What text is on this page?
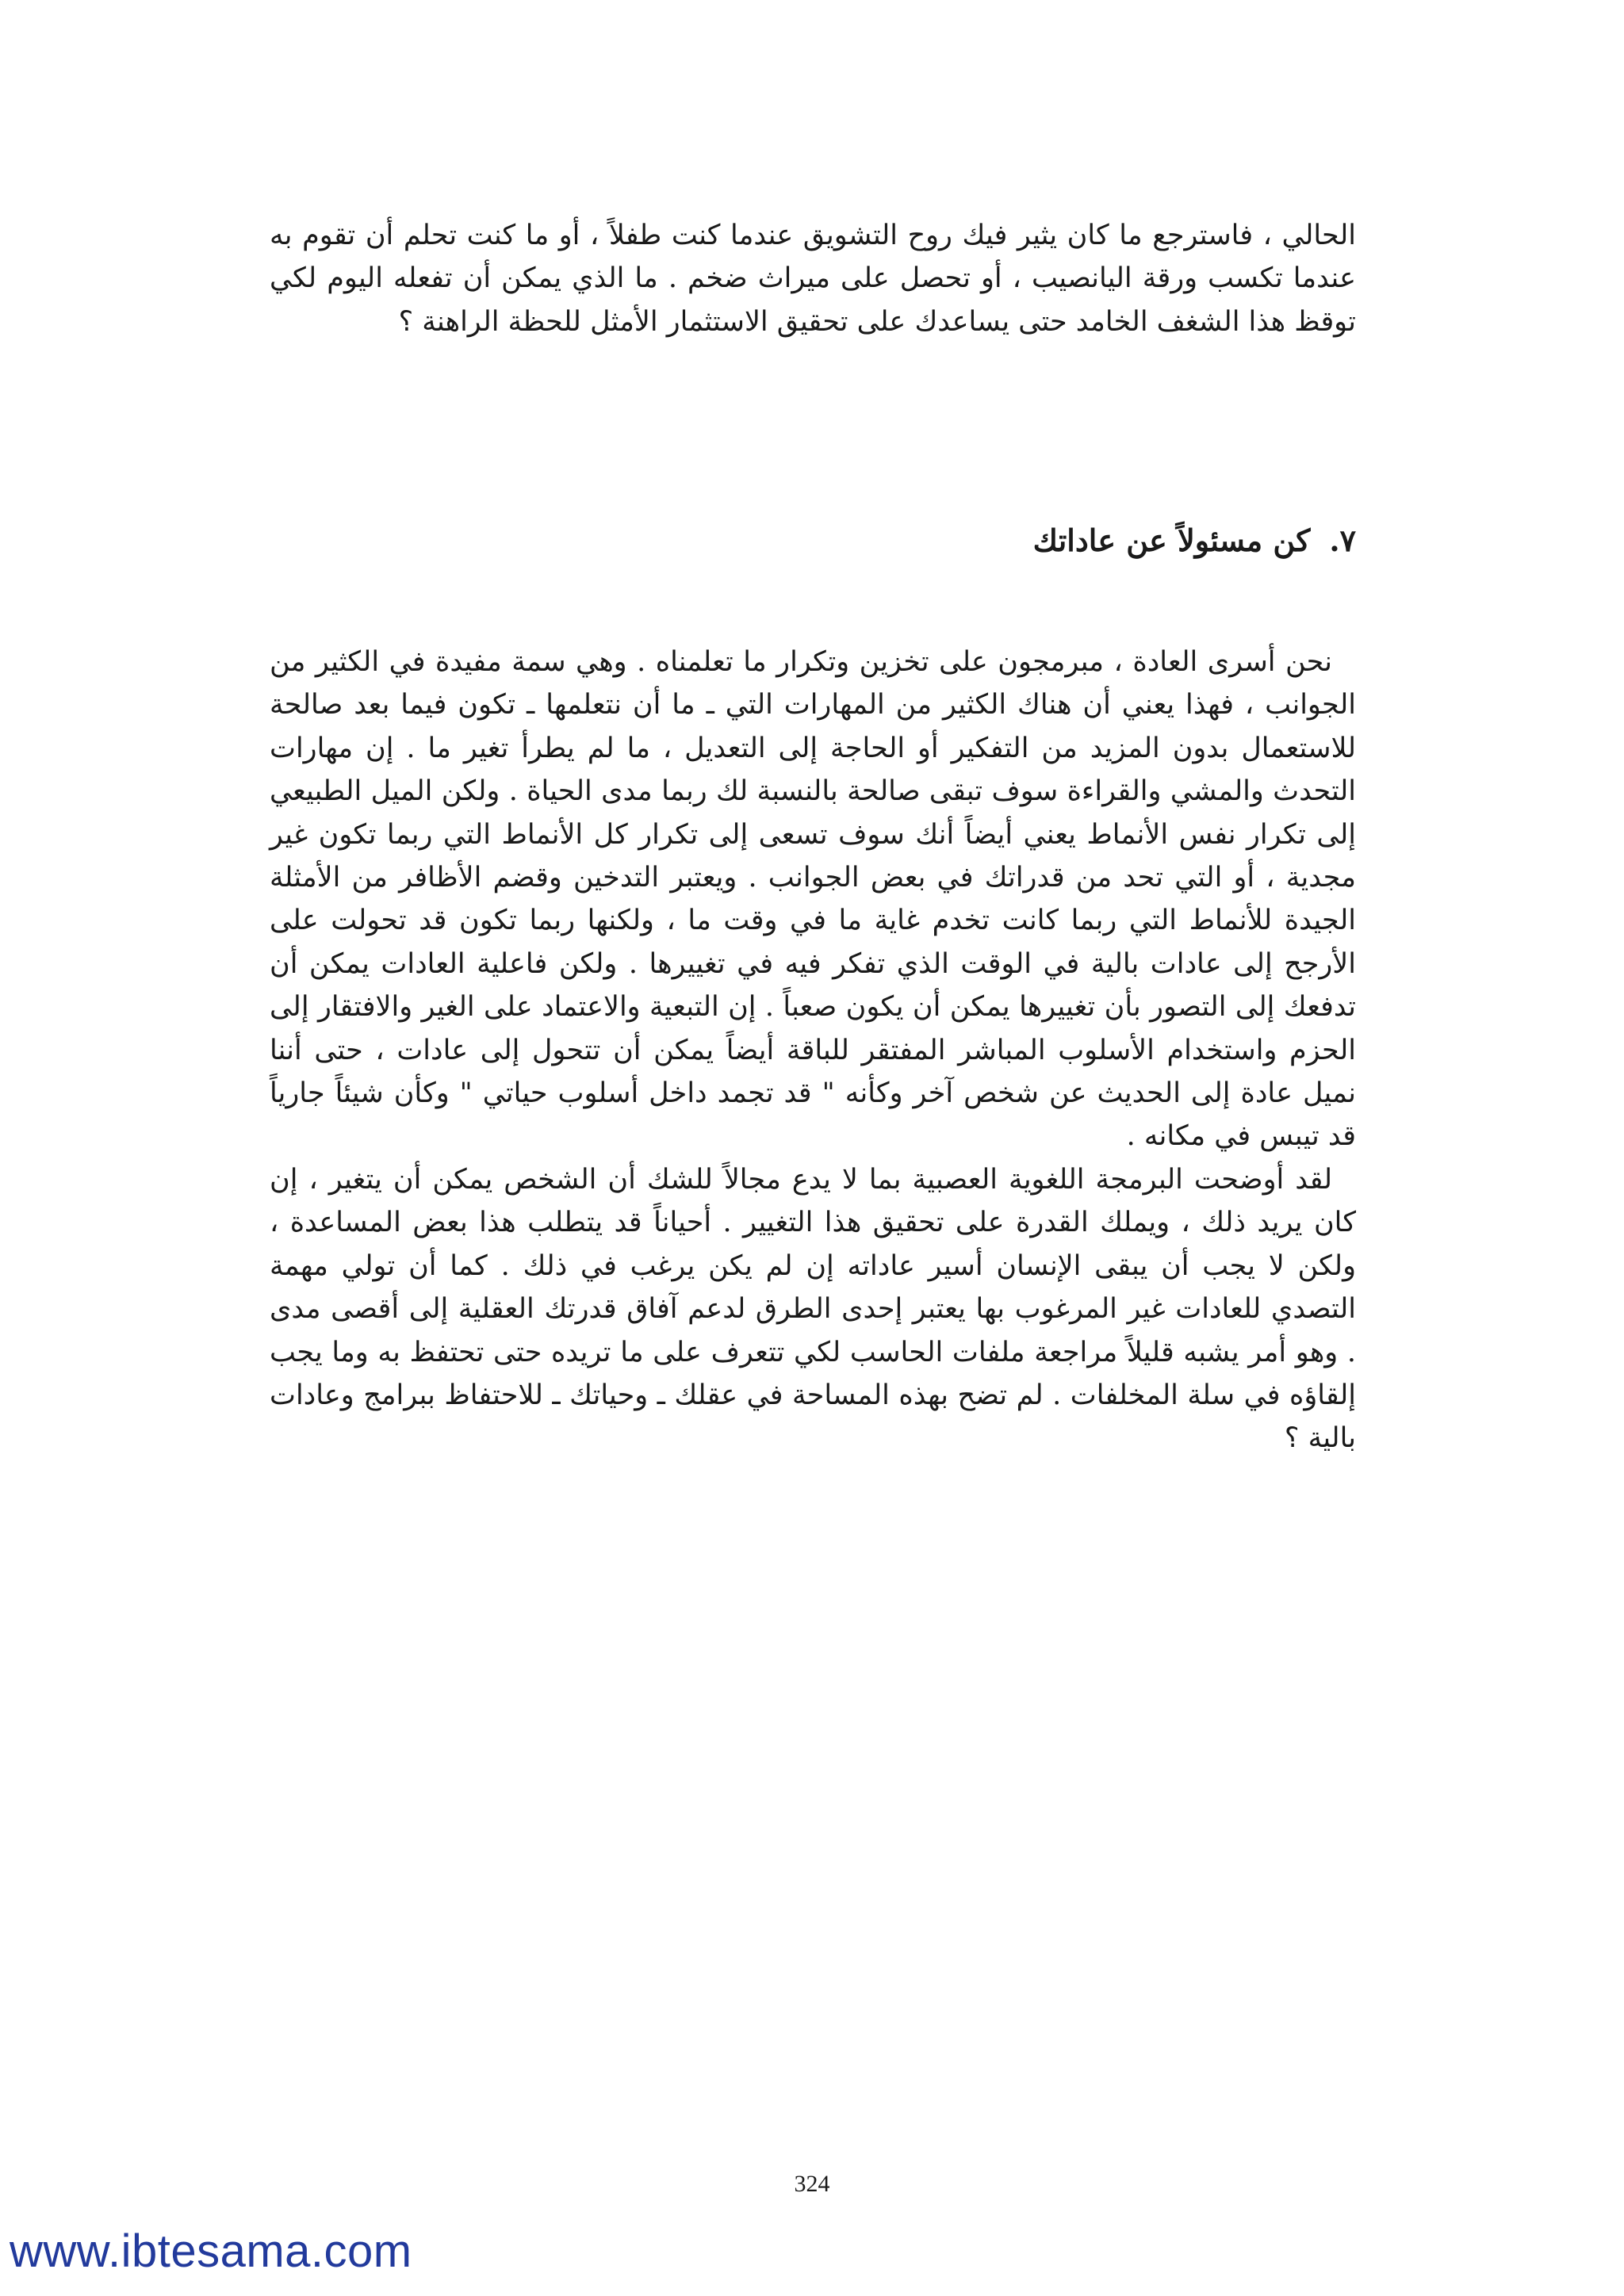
الحالي ، فاسترجع ما كان يثير فيك روح التشويق عندما كنت طفلاً ، أو ما كنت تحلم أن تقوم به عندما تكسب ورقة اليانصيب ، أو تحصل على ميراث ضخم . ما الذي يمكن أن تفعله اليوم لكي توقظ هذا الشغف الخامد حتى يساعدك على تحقيق الاستثمار الأمثل للحظة الراهنة ؟

٧.كن مسئولاً عن عاداتك

نحن أسرى العادة ، مبرمجون على تخزين وتكرار ما تعلمناه . وهي سمة مفيدة في الكثير من الجوانب ، فهذا يعني أن هناك الكثير من المهارات التي ـ ما أن نتعلمها ـ تكون فيما بعد صالحة للاستعمال بدون المزيد من التفكير أو الحاجة إلى التعديل ، ما لم يطرأ تغير ما . إن مهارات التحدث والمشي والقراءة سوف تبقى صالحة بالنسبة لك ربما مدى الحياة . ولكن الميل الطبيعي إلى تكرار نفس الأنماط يعني أيضاً أنك سوف تسعى إلى تكرار كل الأنماط التي ربما تكون غير مجدية ، أو التي تحد من قدراتك في بعض الجوانب . ويعتبر التدخين وقضم الأظافر من الأمثلة الجيدة للأنماط التي ربما كانت تخدم غاية ما في وقت ما ، ولكنها ربما تكون قد تحولت على الأرجح إلى عادات بالية في الوقت الذي تفكر فيه في تغييرها . ولكن فاعلية العادات يمكن أن تدفعك إلى التصور بأن تغييرها يمكن أن يكون صعباً . إن التبعية والاعتماد على الغير والافتقار إلى الحزم واستخدام الأسلوب المباشر المفتقر للباقة أيضاً يمكن أن تتحول إلى عادات ، حتى أننا نميل عادة إلى الحديث عن شخص آخر وكأنه " قد تجمد داخل أسلوب حياتي " وكأن شيئاً جارياً قد تيبس في مكانه .

لقد أوضحت البرمجة اللغوية العصبية بما لا يدع مجالاً للشك أن الشخص يمكن أن يتغير ، إن كان يريد ذلك ، ويملك القدرة على تحقيق هذا التغيير . أحياناً قد يتطلب هذا بعض المساعدة ، ولكن لا يجب أن يبقى الإنسان أسير عاداته إن لم يكن يرغب في ذلك . كما أن تولي مهمة التصدي للعادات غير المرغوب بها يعتبر إحدى الطرق لدعم آفاق قدرتك العقلية إلى أقصى مدى . وهو أمر يشبه قليلاً مراجعة ملفات الحاسب لكي تتعرف على ما تريده حتى تحتفظ به وما يجب إلقاؤه في سلة المخلفات . لم تضح بهذه المساحة في عقلك ـ وحياتك ـ للاحتفاظ ببرامج وعادات بالية ؟

324
www.ibtesama.com
